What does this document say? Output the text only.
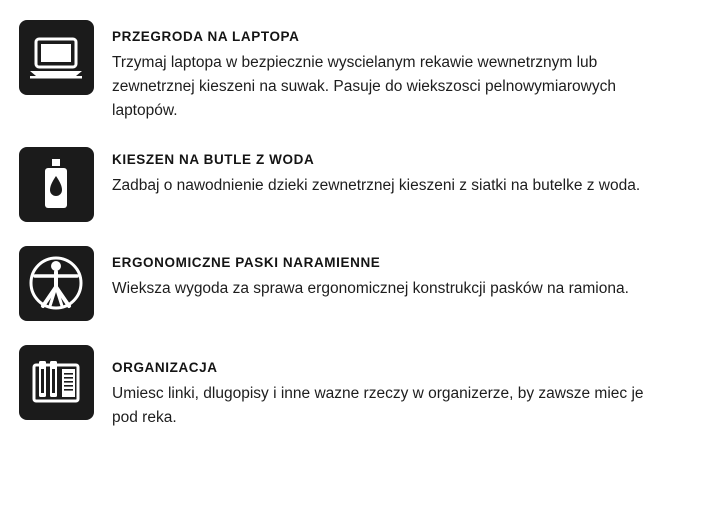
PRZEGRODA NA LAPTOPA

Trzymaj laptopa w bezpiecznie wyscielanym rekawie wewnetrznym lub zewnetrznej kieszeni na suwak. Pasuje do wiekszosci pelnowymiarowych laptopów.

KIESZEN NA BUTLE Z WODA

Zadbaj o nawodnienie dzieki zewnetrznej kieszeni z siatki na butelke z woda.

ERGONOMICZNE PASKI NARAMIENNE

Wieksza wygoda za sprawa ergonomicznej konstrukcji pasków na ramiona.

ORGANIZACJA

Umiesc linki, dlugopisy i inne wazne rzeczy w organizerze, by zawsze miec je pod reka.
